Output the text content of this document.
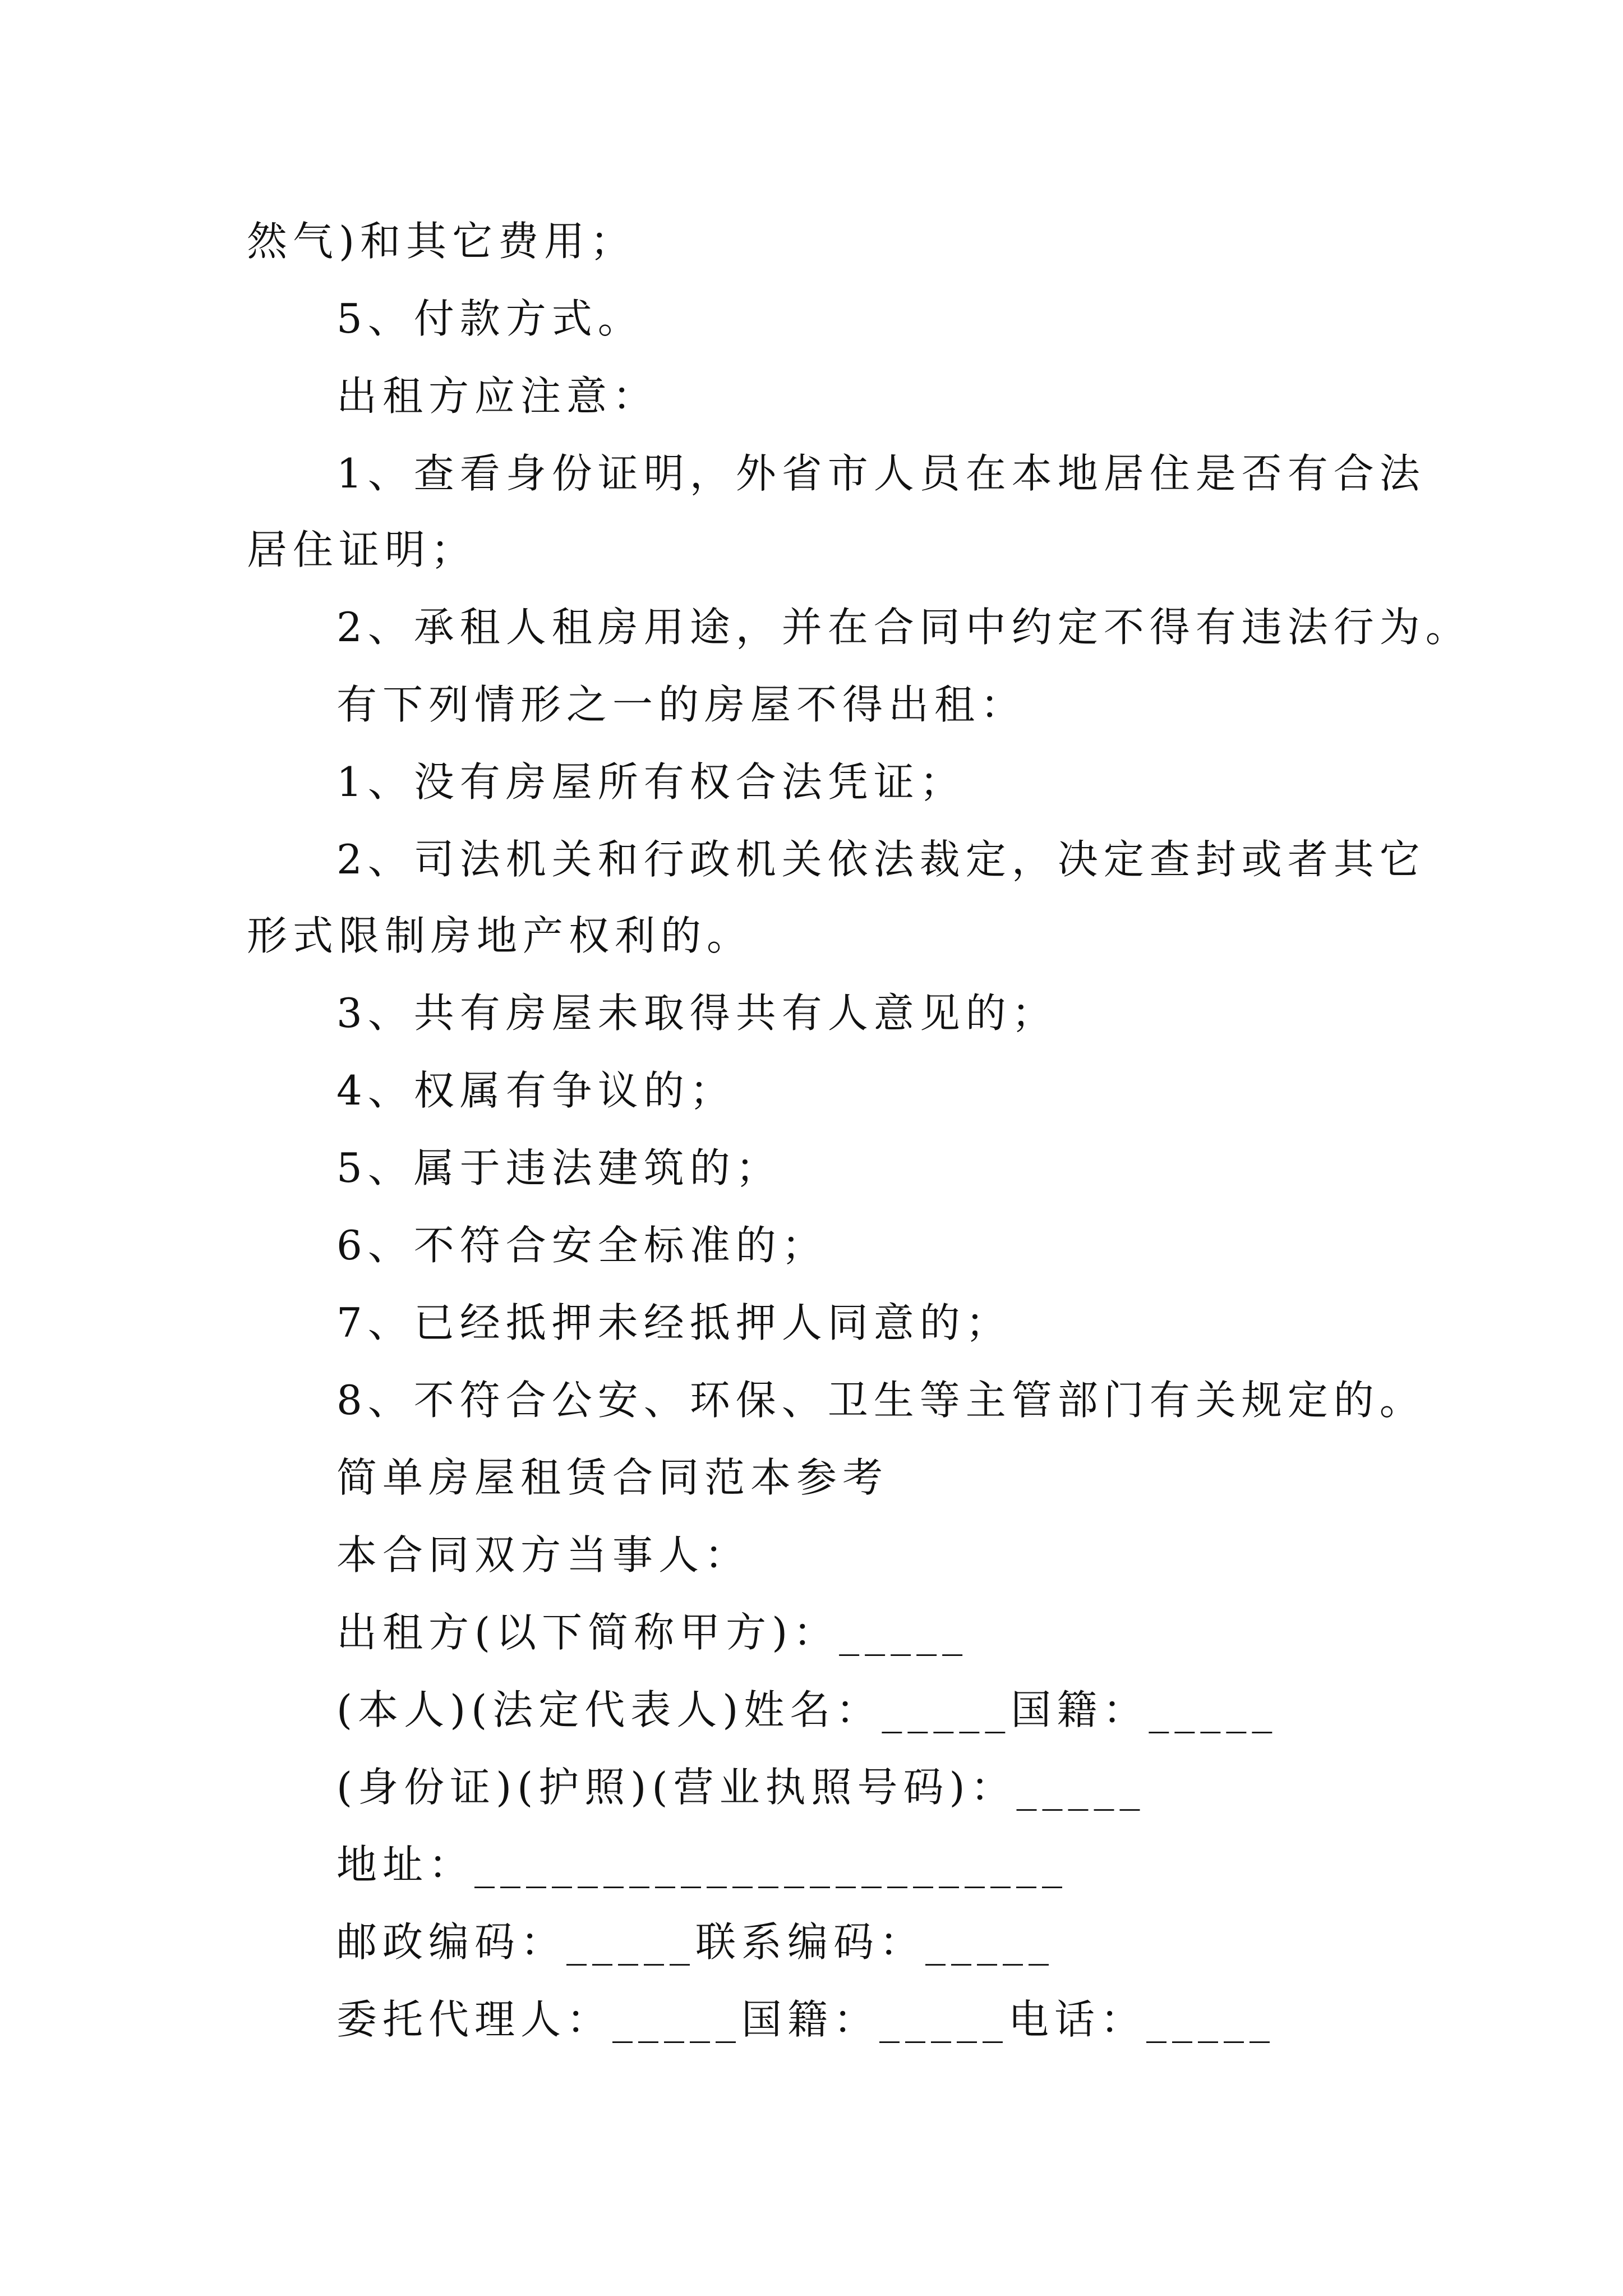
然气)和其它费用；
5、付款方式。
出租方应注意：
1、查看身份证明，外省市人员在本地居住是否有合法
居住证明；
2、承租人租房用途，并在合同中约定不得有违法行为。
有下列情形之一的房屋不得出租：
1、没有房屋所有权合法凭证；
2、司法机关和行政机关依法裁定，决定查封或者其它
形式限制房地产权利的。
3、共有房屋未取得共有人意见的；
4、权属有争议的；
5、属于违法建筑的；
6、不符合安全标准的；
7、已经抵押未经抵押人同意的；
8、不符合公安、环保、卫生等主管部门有关规定的。
简单房屋租赁合同范本参考
本合同双方当事人：
出租方(以下简称甲方)：_____
(本人)(法定代表人)姓名：_____国籍：_____
(身份证)(护照)(营业执照号码)：_____
地址：_______________________
邮政编码：_____联系编码：_____
委托代理人：_____国籍：_____电话：_____
